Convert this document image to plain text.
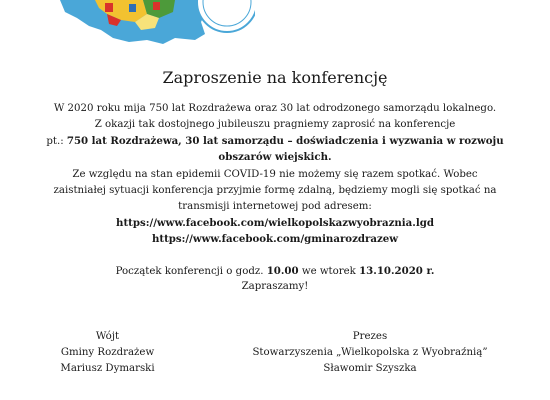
Zaproszenie na konferencję
W 2020 roku mija 750 lat Rozdrażewa oraz 30 lat odrodzonego samorządu lokalnego.
Z okazji tak dostojnego jubileuszu pragniemy zaprosić na konferencje
pt.: 750 lat Rozdrażewa, 30 lat samorządu – doświadczenia i wyzwania w rozwoju
obszarów wiejskich.
Ze względu na stan epidemii COVID-19 nie możemy się razem spotkać. Wobec
zaistniałej sytuacji konferencja przyjmie formę zdalną, będziemy mogli się spotkać na
transmisji internetowej pod adresem:
https://www.facebook.com/wielkopolskazwyobraznia.lgd
https://www.facebook.com/gminarozdrazew
Początek konferencji o godz. 10.00 we wtorek 13.10.2020 r.
Zapraszamy!
Wójt
Gminy Rozdrażew
Mariusz Dymarski
Prezes
Stowarzyszenia „Wielkopolska z Wyobraźnią”
Sławomir Szyszka
